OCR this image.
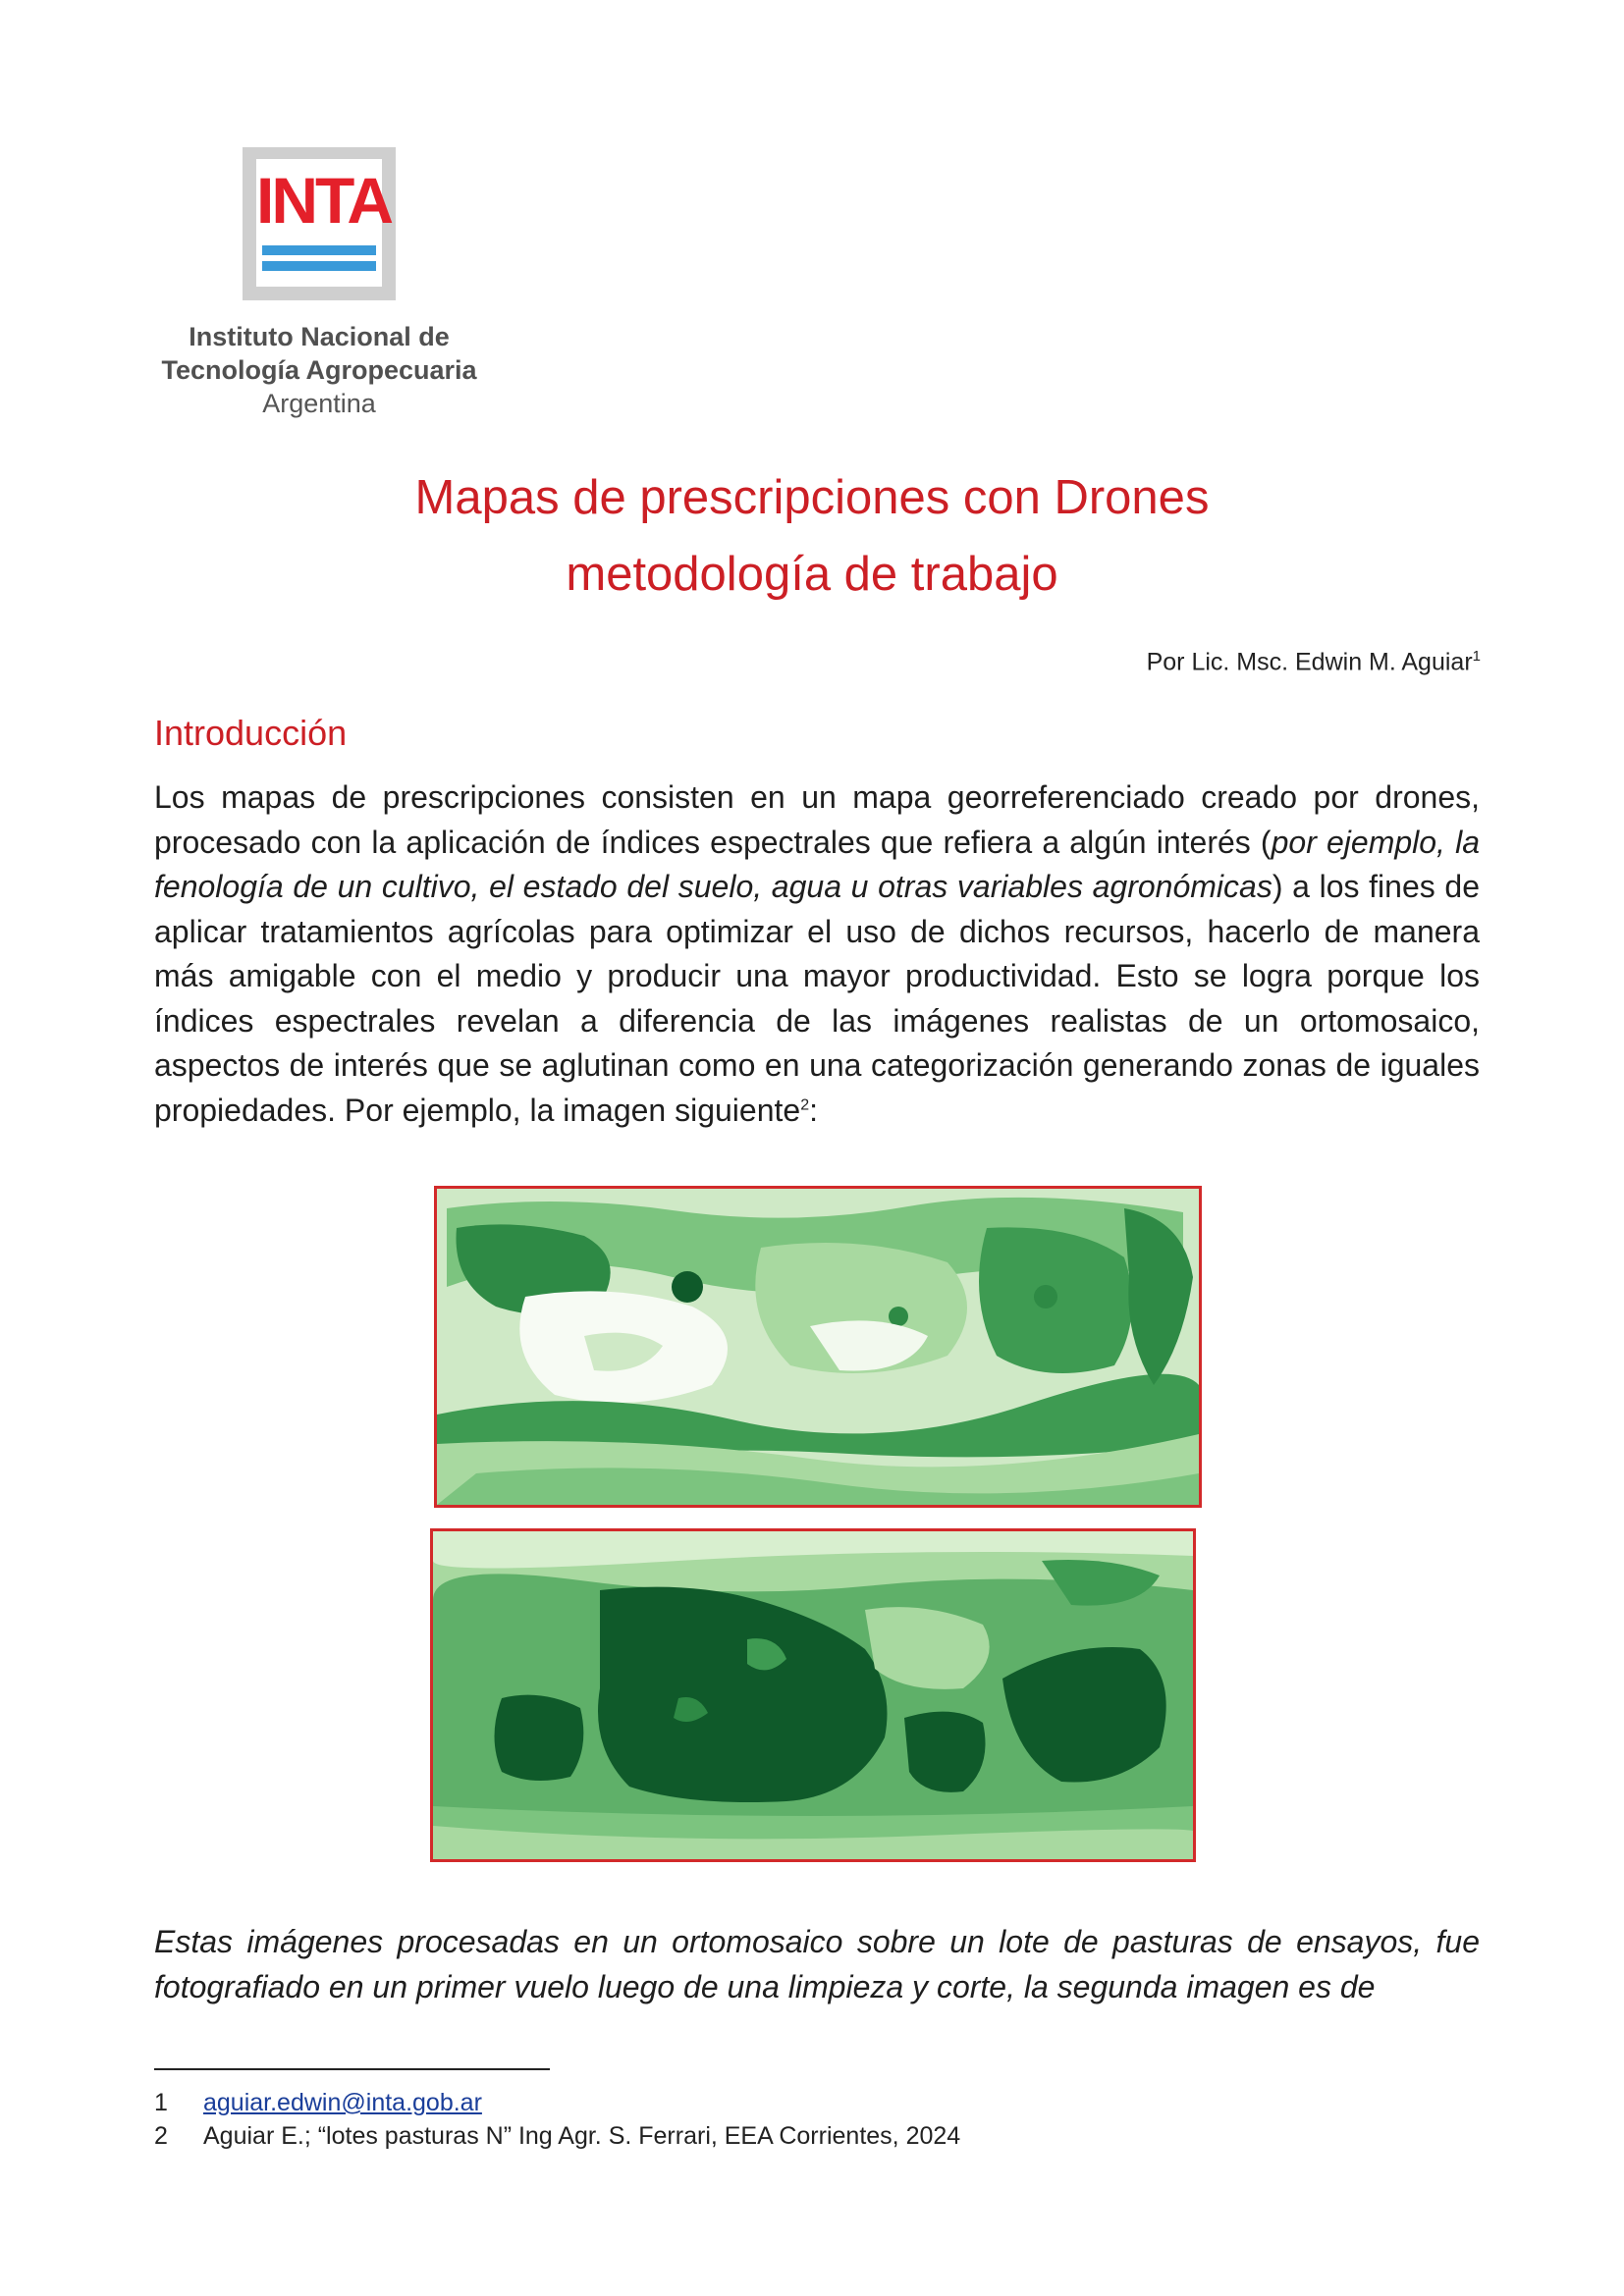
INTA
Instituto Nacional de
Tecnología Agropecuaria
Argentina
Mapas de prescripciones con Drones
metodología de trabajo
Por Lic. Msc. Edwin M. Aguiar$^1$
Introducción
Los mapas de prescripciones consisten en un mapa georreferenciado creado por drones, procesado con la aplicación de índices espectrales que refiera a algún interés (por ejemplo, la fenología de un cultivo, el estado del suelo, agua u otras variables agronómicas) a los fines de aplicar tratamientos agrícolas para optimizar el uso de dichos recursos, hacerlo de manera más amigable con el medio y producir una mayor productividad. Esto se logra porque los índices espectrales revelan a diferencia de las imágenes realistas de un ortomosaico, aspectos de interés que se aglutinan como en una categorización generando zonas de iguales propiedades. Por ejemplo, la imagen siguiente$^2$:
Estas imágenes procesadas en un ortomosaico sobre un lote de pasturas de ensayos, fue fotografiado en un primer vuelo luego de una limpieza y corte, la segunda imagen es de
1 aguiar.edwin@inta.gob.ar
2 Aguiar E.; “lotes pasturas N” Ing Agr. S. Ferrari, EEA Corrientes, 2024
